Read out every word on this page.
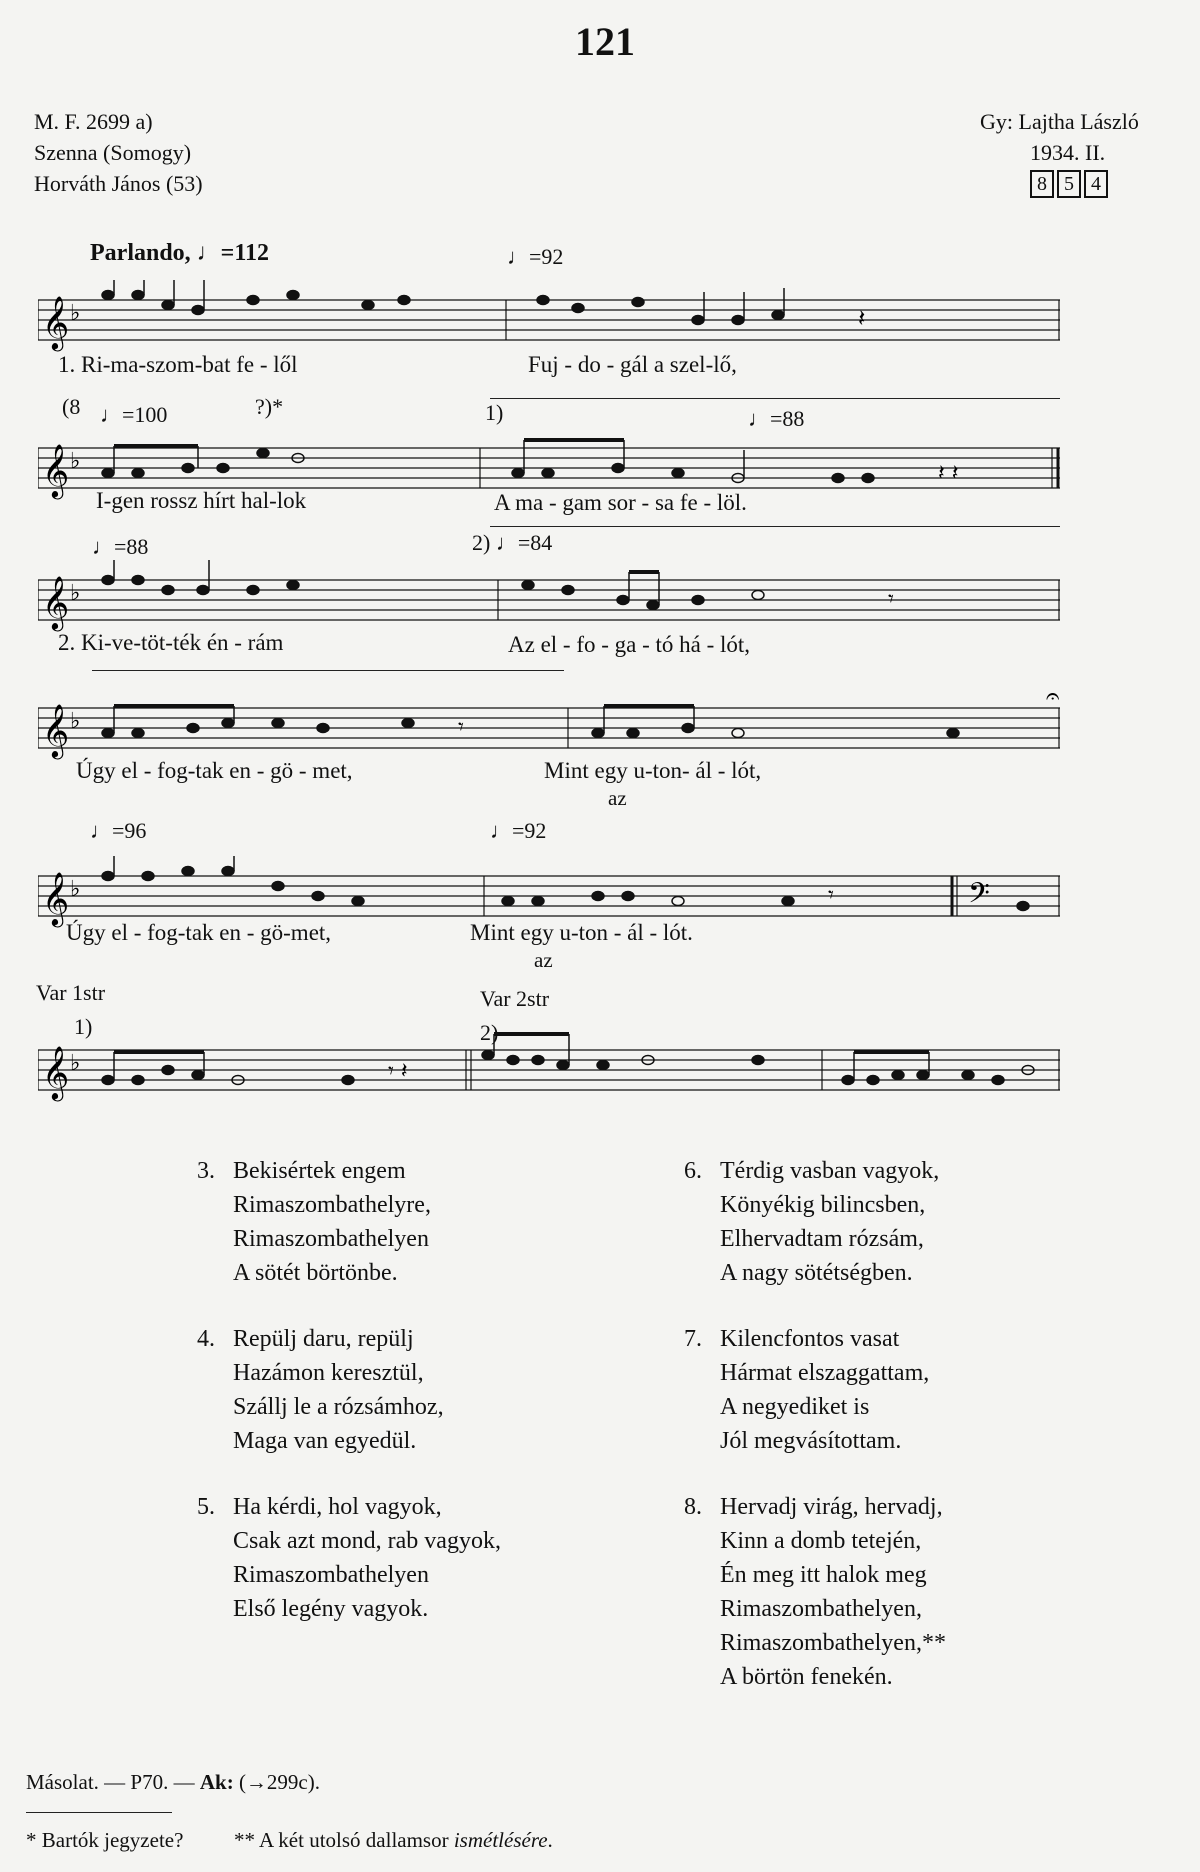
121
M. F. 2699 a)
Szenna (Somogy)
Horváth János (53)
Gy: Lajtha László
1934. II.
8 5 4
Parlando, ♩=112	♩=92
𝄞 ♭	𝄽
1. Ri-ma-szom-bat fe - lől	Fuj - do - gál a szel-lő,
(8 ♩=100	?)*	1)	♩=88
𝄞 ♭	𝄽 𝄽
I-gen rossz hírt hal-lok	A ma - gam sor - sa fe - löl.
♩=88	2) ♩=84
𝄞 ♭	𝄾
2. Ki-ve-töt-ték én - rám	Az el - fo - ga - tó há - lót,
𝄞 ♭
𝄐
𝄾
Úgy el - fog-tak en - gö - met,	Mint egy u-ton- ál - lót,
az
♩=96	♩=92
𝄞 ♭	𝄢
𝄾
Úgy el - fog-tak en - gö-met,	Mint egy u-ton - ál - lót.
az
Var 1str
1)
Var 2str
2)
𝄞 ♭	𝄾 𝄽
3. Bekisértek engem
Rimaszombathelyre,
Rimaszombathelyen
A sötét börtönbe.
4. Repülj daru, repülj
Hazámon keresztül,
Szállj le a rózsámhoz,
Maga van egyedül.
5. Ha kérdi, hol vagyok,
Csak azt mond, rab vagyok,
Rimaszombathelyen
Első legény vagyok.
6. Térdig vasban vagyok,
Könyékig bilincsben,
Elhervadtam rózsám,
A nagy sötétségben.
7. Kilencfontos vasat
Hármat elszaggattam,
A negyediket is
Jól megvásítottam.
8. Hervadj virág, hervadj,
Kinn a domb tetején,
Én meg itt halok meg
Rimaszombathelyen,
Rimaszombathelyen,**
A börtön fenekén.
Másolat. — P70. — Ak: (→299c).
* Bartók jegyzete? ** A két utolsó dallamsor ismétlésére.
